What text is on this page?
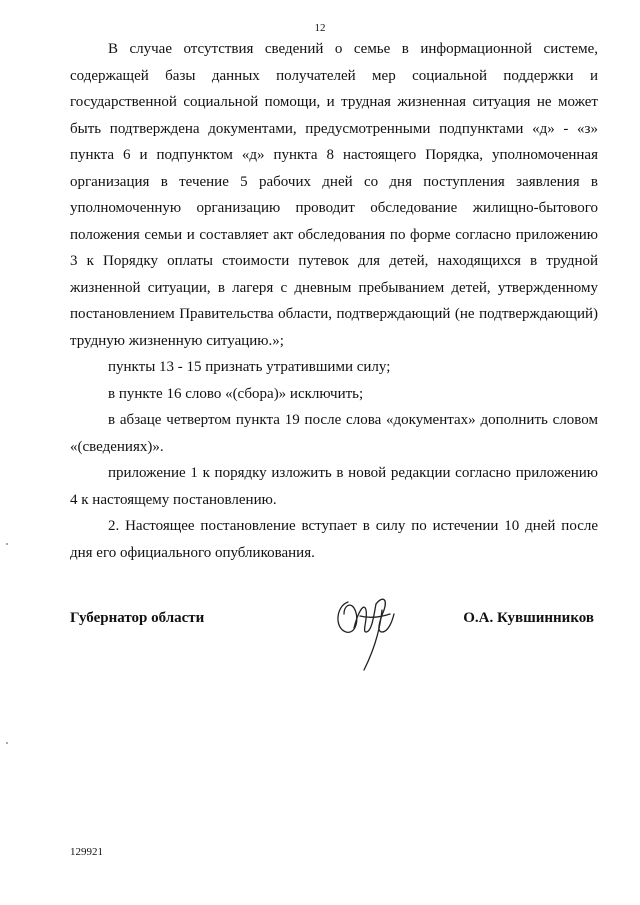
12

В случае отсутствия сведений о семье в информационной системе, содержащей базы данных получателей мер социальной поддержки и государственной социальной помощи, и трудная жизненная ситуация не может быть подтверждена документами, предусмотренными подпунктами «д» - «з» пункта 6 и подпунктом «д» пункта 8 настоящего Порядка, уполномоченная организация в течение 5 рабочих дней со дня поступления заявления в уполномоченную организацию проводит обследование жилищно-бытового положения семьи и составляет акт обследования по форме согласно приложению 3 к Порядку оплаты стоимости путевок для детей, находящихся в трудной жизненной ситуации, в лагеря с дневным пребыванием детей, утвержденному постановлением Правительства области, подтверждающий (не подтверждающий) трудную жизненную ситуацию.»;

пункты 13 - 15 признать утратившими силу;

в пункте 16 слово «(сбора)» исключить;

в абзаце четвертом пункта 19 после слова «документах» дополнить словом «(сведениях)».

приложение 1 к порядку изложить в новой редакции согласно приложению 4 к настоящему постановлению.

2. Настоящее постановление вступает в силу по истечении 10 дней после дня его официального опубликования.

Губернатор области	О.А. Кувшинников
129921
